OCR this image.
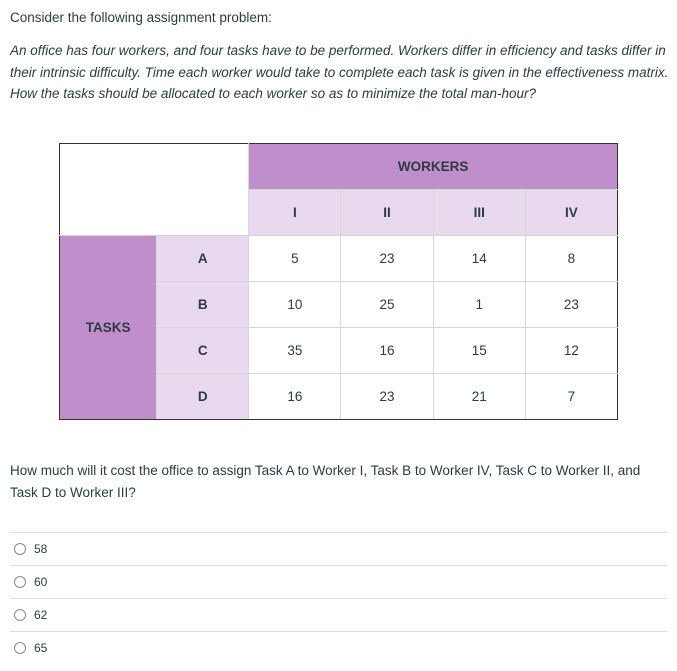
Consider the following assignment problem:

An office has four workers, and four tasks have to be performed. Workers differ in efficiency and tasks differ in their intrinsic difficulty. Time each worker would take to complete each task is given in the effectiveness matrix. How the tasks should be allocated to each worker so as to minimize the total man-hour?

		WORKERS			
		I	II	III	IV
TASKS	A	5	23	14	8
	B	10	25	1	23
	C	35	16	15	12
	D	16	23	21	7

How much will it cost the office to assign Task A to Worker I, Task B to Worker IV, Task C to Worker II, and Task D to Worker III?

58
60
62
65
